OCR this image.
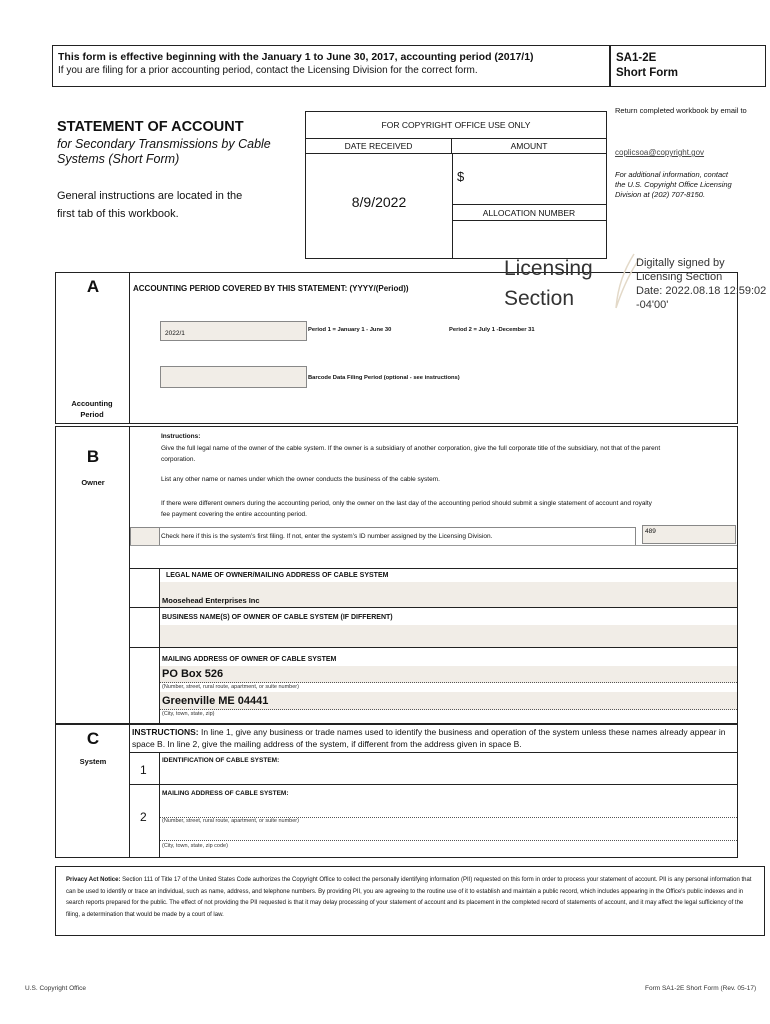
This form is effective beginning with the January 1 to June 30, 2017, accounting period (2017/1)
If you are filing for a prior accounting period, contact the Licensing Division for the correct form.
SA1-2E
Short Form
STATEMENT OF ACCOUNT
for Secondary Transmissions by Cable Systems (Short Form)
General instructions are located in the first tab of this workbook.
FOR COPYRIGHT OFFICE USE ONLY
DATE RECEIVED	AMOUNT
$
8/9/2022
ALLOCATION NUMBER
Return completed workbook by email to
coplicsoa@copyright.gov
For additional information, contact the U.S. Copyright Office Licensing Division at (202) 707-8150.
A
Accounting Period
ACCOUNTING PERIOD COVERED BY THIS STATEMENT: (YYYY/(Period))
2022/1	Period 1 = January 1 - June 30	Period 2 = July 1 -December 31
Barcode Data Filing Period (optional - see instructions)
B
Owner
Instructions:
Give the full legal name of the owner of the cable system. If the owner is a subsidiary of another corporation, give the full corporate title of the subsidiary, not that of the parent corporation.
List any other name or names under which the owner conducts the business of the cable system.
If there were different owners during the accounting period, only the owner on the last day of the accounting period should submit a single statement of account and royalty fee payment covering the entire accounting period.
Check here if this is the system’s first filing. If not, enter the system’s ID number assigned by the Licensing Division.
489
LEGAL NAME OF OWNER/MAILING ADDRESS OF CABLE SYSTEM
Moosehead Enterprises Inc
BUSINESS NAME(S) OF OWNER OF CABLE SYSTEM (IF DIFFERENT)
MAILING ADDRESS OF OWNER OF CABLE SYSTEM
PO Box 526
(Number, street, rural route, apartment, or suite number)
Greenville ME 04441
(City, town, state, zip)
C
System
INSTRUCTIONS: In line 1, give any business or trade names used to identify the business and operation of the system unless these names already appear in space B. In line 2, give the mailing address of the system, if different from the address given in space B.
1
IDENTIFICATION OF CABLE SYSTEM:
2
MAILING ADDRESS OF CABLE SYSTEM:
(Number, street, rural route, apartment, or suite number)
(City, town, state, zip code)
Licensing
Section
Digitally signed by
Licensing Section
Date: 2022.08.18 12:59:02
-04'00'
Privacy Act Notice: Section 111 of Title 17 of the United States Code authorizes the Copyright Office to collect the personally identifying information (PII) requested on this form in order to process your statement of account. PII is any personal information that can be used to identify or trace an individual, such as name, address, and telephone numbers. By providing PII, you are agreeing to the routine use of it to establish and maintain a public record, which includes appearing in the Office's public indexes and in search reports prepared for the public. The effect of not providing the PII requested is that it may delay processing of your statement of account and its placement in the completed record of statements of account, and it may affect the legal sufficiency of the filing, a determination that would be made by a court of law.
U.S. Copyright Office	Form SA1-2E Short Form (Rev. 05-17)
